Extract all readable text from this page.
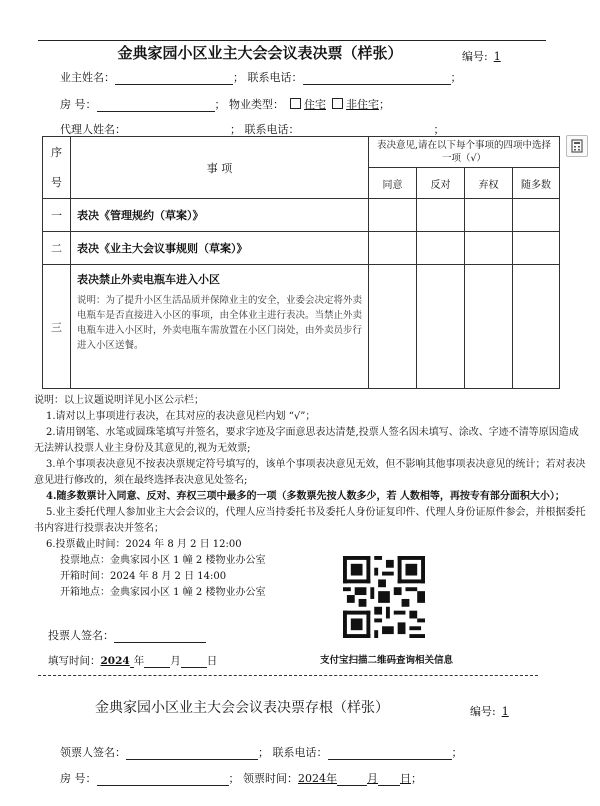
金典家园小区业主大会会议表决票（样张）	编号: 1
业主姓名：	； 联系电话：	；
房 号：	； 物业类型： 住宅 非住宅；
代理人姓名：	； 联系电话：	；
序
号	事 项	表决意见,请在以下每个事项的四项中选择一项（√）			
		同意	反对	弃权	随多数
一	表决《管理规约（草案）》				
二	表决《业主大会议事规则（草案）》				
三	表决禁止外卖电瓶车进入小区
说明：为了提升小区生活品质并保障业主的安全，业委会决定将外卖电瓶车是否直接进入小区的事项，由全体业主进行表决。当禁止外卖电瓶车进入小区时，外卖电瓶车需放置在小区门岗处，由外卖员步行进入小区送餐。				

说明：以上议题说明详见小区公示栏；
1.请对以上事项进行表决，在其对应的表决意见栏内划 “√”；
2.请用钢笔、水笔或圆珠笔填写并签名，要求字迹及字面意思表达清楚,投票人签名因未填写、涂改、字迹不清等原因造成无法辨认投票人业主身份及其意见的,视为无效票;
3.单个事项表决意见不按表决票规定符号填写的，该单个事项表决意见无效，但不影响其他事项表决意见的统计；若对表决意见进行修改的，须在最终选择表决意见处签名;
4.随多数票计入同意、反对、弃权三项中最多的一项（多数票先按人数多少，若 人数相等，再按专有部分面积大小）；
5.业主委托代理人参加业主大会会议的，代理人应当持委托书及委托人身份证复印件、代理人身份证原件参会，并根据委托书内容进行投票表决并签名；
6.投票截止时间：2024 年 8 月 2 日 12:00
投票地点：金典家园小区 1 幢 2 楼物业办公室
开箱时间：2024 年 8 月 2 日 14:00
开箱地点：金典家园小区 1 幢 2 楼物业办公室
投票人签名：
填写时间：2024 年 月 日	支付宝扫描二维码查询相关信息
金典家园小区业主大会会议表决票存根（样张）	编号: 1
领票人签名：	； 联系电话：	；
房 号：	； 领票时间：2024年	月 日；
